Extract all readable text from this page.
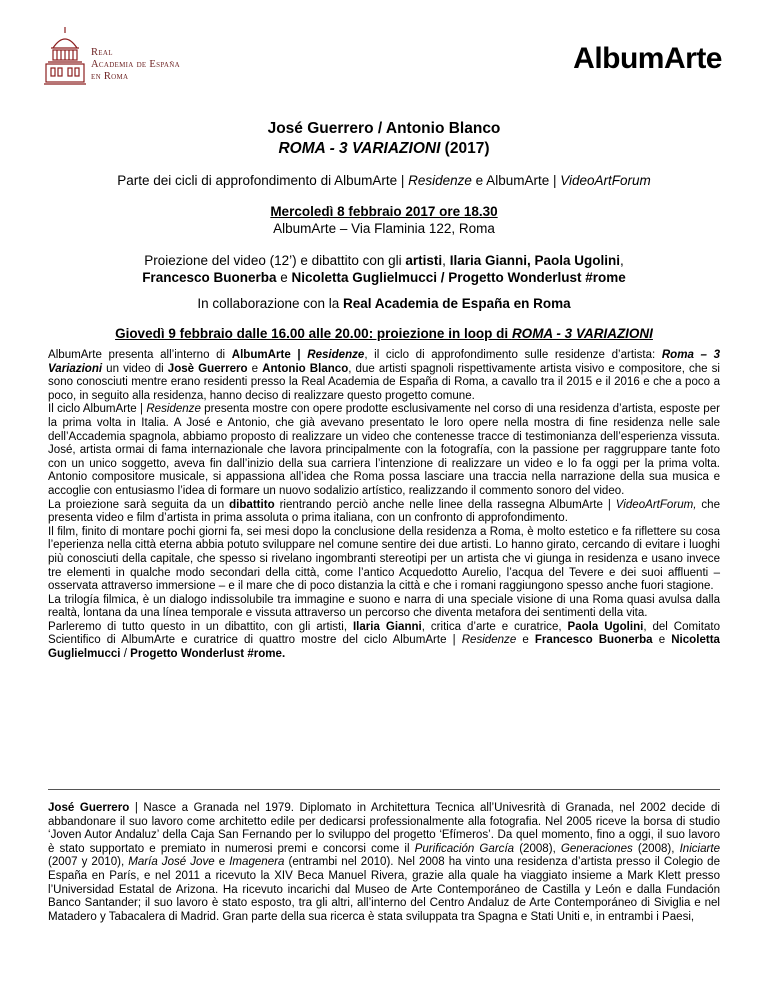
Real
Academia de España
en Roma
AlbumArte
José Guerrero / Antonio Blanco
ROMA - 3 VARIAZIONI (2017)
Parte dei cicli di approfondimento di AlbumArte | Residenze e AlbumArte | VideoArtForum
Mercoledì 8 febbraio 2017 ore 18.30
AlbumArte – Via Flaminia 122, Roma
Proiezione del video (12’) e dibattito con gli artisti, Ilaria Gianni, Paola Ugolini,
Francesco Buonerba e Nicoletta Guglielmucci / Progetto Wonderlust #rome
In collaborazione con la Real Academia de España en Roma
Giovedì 9 febbraio dalle 16.00 alle 20.00: proiezione in loop di ROMA - 3 VARIAZIONI

AlbumArte presenta all’interno di AlbumArte | Residenze, il ciclo di approfondimento sulle residenze d’artista: Roma – 3 Variazioni un video di Josè Guerrero e Antonio Blanco, due artisti spagnoli rispettivamente artista visivo e compositore, che si sono conosciuti mentre erano residenti presso la Real Academia de España di Roma, a cavallo tra il 2015 e il 2016 e che a poco a poco, in seguito alla residenza, hanno deciso di realizzare questo progetto comune.

Il ciclo AlbumArte | Residenze presenta mostre con opere prodotte esclusivamente nel corso di una residenza d’artista, esposte per la prima volta in Italia. A José e Antonio, che già avevano presentato le loro opere nella mostra di fine residenza nelle sale dell’Accademia spagnola, abbiamo proposto di realizzare un video che contenesse tracce di testimonianza dell’esperienza vissuta. José, artista ormai di fama internazionale che lavora principalmente con la fotografía, con la passione per raggruppare tante foto con un unico soggetto, aveva fin dall’inizio della sua carriera l’intenzione di realizzare un video e lo fa oggi per la prima volta. Antonio compositore musicale, si appassiona all’idea che Roma possa lasciare una traccia nella narrazione della sua musica e accoglie con entusiasmo l’idea di formare un nuovo sodalizio artístico, realizzando il commento sonoro del video.

La proiezione sarà seguita da un dibattito rientrando perciò anche nelle linee della rassegna AlbumArte | VideoArtForum, che presenta video e film d’artista in prima assoluta o prima italiana, con un confronto di approfondimento.

Il film, finito di montare pochi giorni fa, sei mesi dopo la conclusione della residenza a Roma, è molto estetico e fa riflettere su cosa l’eperienza nella città eterna abbia potuto sviluppare nel comune sentire dei due artisti. Lo hanno girato, cercando di evitare i luoghi più conosciuti della capitale, che spesso si rivelano ingombranti stereotipi per un artista che vi giunga in residenza e usano invece tre elementi in qualche modo secondari della città, come l’antico Acquedotto Aurelio, l’acqua del Tevere e dei suoi affluenti – osservata attraverso immersione – e il mare che di poco distanzia la città e che i romani raggiungono spesso anche fuori stagione.

La trilogía filmica, è un dialogo indissolubile tra immagine e suono e narra di una speciale visione di una Roma quasi avulsa dalla realtà, lontana da una línea temporale e vissuta attraverso un percorso che diventa metafora dei sentimenti della vita.

Parleremo di tutto questo in un dibattito, con gli artisti, Ilaria Gianni, critica d’arte e curatrice, Paola Ugolini, del Comitato Scientifico di AlbumArte e curatrice di quattro mostre del ciclo AlbumArte | Residenze e Francesco Buonerba e Nicoletta Guglielmucci / Progetto Wonderlust #rome.

José Guerrero | Nasce a Granada nel 1979. Diplomato in Architettura Tecnica all’Univesrità di Granada, nel 2002 decide di abbandonare il suo lavoro come architetto edile per dedicarsi professionalmente alla fotografia. Nel 2005 riceve la borsa di studio ‘Joven Autor Andaluz’ della Caja San Fernando per lo sviluppo del progetto ‘Efímeros’. Da quel momento, fino a oggi, il suo lavoro è stato supportato e premiato in numerosi premi e concorsi come il Purificación García (2008), Generaciones (2008), Iniciarte (2007 y 2010), María José Jove e Imagenera (entrambi nel 2010). Nel 2008 ha vinto una residenza d’artista presso il Colegio de España en París, e nel 2011 a ricevuto la XIV Beca Manuel Rivera, grazie alla quale ha viaggiato insieme a Mark Klett presso l’Universidad Estatal de Arizona. Ha ricevuto incarichi dal Museo de Arte Contemporáneo de Castilla y León e dalla Fundación Banco Santander; il suo lavoro è stato esposto, tra gli altri, all’interno del Centro Andaluz de Arte Contemporáneo di Siviglia e nel Matadero y Tabacalera di Madrid. Gran parte della sua ricerca è stata sviluppata tra Spagna e Stati Uniti e, in entrambi i Paesi,
